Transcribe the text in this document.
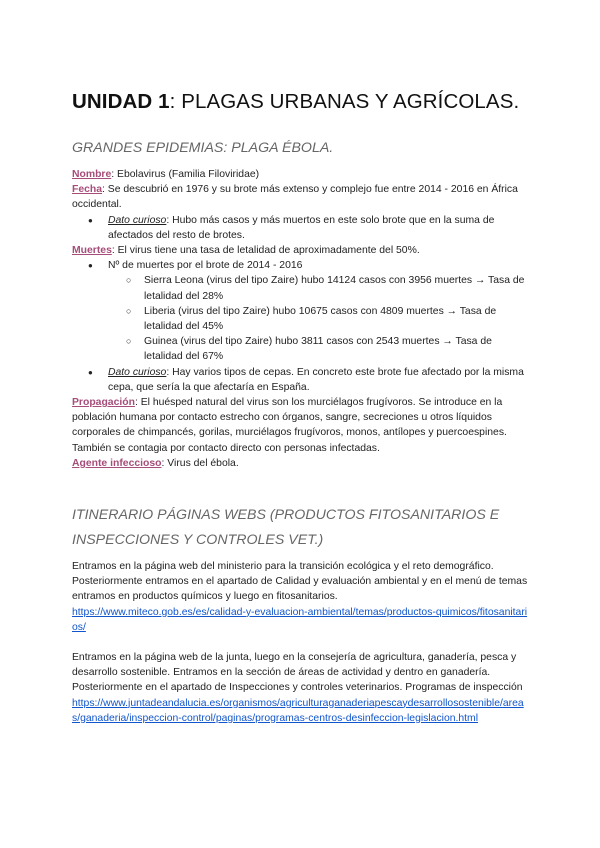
UNIDAD 1: PLAGAS URBANAS Y AGRÍCOLAS.
GRANDES EPIDEMIAS: PLAGA ÉBOLA.

Nombre: Ebolavirus (Familia Filoviridae)

Fecha: Se descubrió en 1976 y su brote más extenso y complejo fue entre 2014 - 2016 en África occidental.

● Dato curioso: Hubo más casos y más muertos en este solo brote que en la suma de afectados del resto de brotes.

Muertes: El virus tiene una tasa de letalidad de aproximadamente del 50%.

● Nº de muertes por el brote de 2014 - 2016
○ Sierra Leona (virus del tipo Zaire) hubo 14124 casos con 3956 muertes → Tasa de letalidad del 28%
○ Liberia (virus del tipo Zaire) hubo 10675 casos con 4809 muertes → Tasa de letalidad del 45%
○ Guinea (virus del tipo Zaire) hubo 3811 casos con 2543 muertes → Tasa de letalidad del 67%
● Dato curioso: Hay varios tipos de cepas. En concreto este brote fue afectado por la misma cepa, que sería la que afectaría en España.

Propagación: El huésped natural del virus son los murciélagos frugívoros. Se introduce en la población humana por contacto estrecho con órganos, sangre, secreciones u otros líquidos corporales de chimpancés, gorilas, murciélagos frugívoros, monos, antílopes y puercoespines. También se contagia por contacto directo con personas infectadas.

Agente infeccioso: Virus del ébola.

ITINERARIO PÁGINAS WEBS (PRODUCTOS FITOSANITARIOS E INSPECCIONES Y CONTROLES VET.)

Entramos en la página web del ministerio para la transición ecológica y el reto demográfico. Posteriormente entramos en el apartado de Calidad y evaluación ambiental y en el menú de temas entramos en productos químicos y luego en fitosanitarios.

https://www.miteco.gob.es/es/calidad-y-evaluacion-ambiental/temas/productos-quimicos/fitosanitarios/

Entramos en la página web de la junta, luego en la consejería de agricultura, ganadería, pesca y desarrollo sostenible. Entramos en la sección de áreas de actividad y dentro en ganadería. Posteriormente en el apartado de Inspecciones y controles veterinarios. Programas de inspección

https://www.juntadeandalucia.es/organismos/agriculturaganaderiapescaydesarrollosostenible/areas/ganaderia/inspeccion-control/paginas/programas-centros-desinfeccion-legislacion.html
